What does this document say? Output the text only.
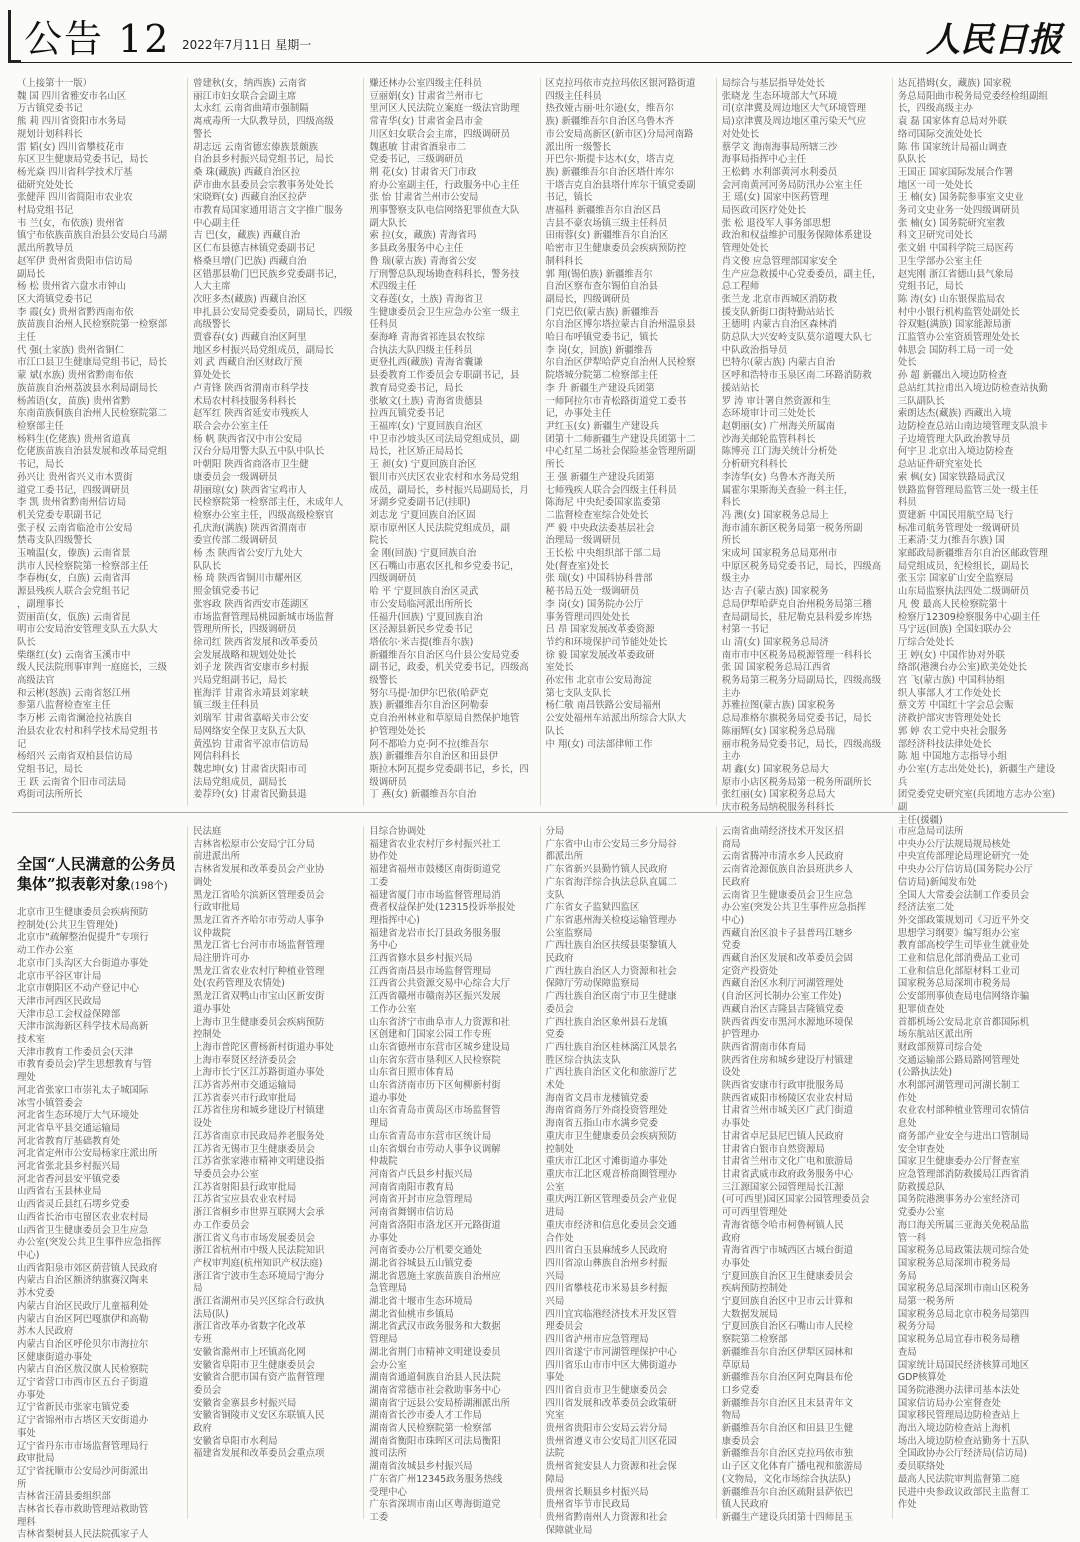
公告 12 2022年7月11日 星期一	人民日报
（上接第十一版）
魏 国 四川省雅安市名山区
万古镇党委书记
熊 莉 四川省资阳市水务局
规划计划科科长
雷 韬(女) 四川省攀枝花市
东区卫生健康局党委书记，局长
杨光焱 四川省科学技术厅基
础研究处处长
张健萍 四川省简阳市农业农
村局党组书记
韦 兰(女，布依族) 贵州省
镇宁布依族苗族自治县公安局白马湖
派出所教导员
赵军伊 贵州省贵阳市信访局
副局长
杨 松 贵州省六盘水市钟山
区大湾镇党委书记
李 霞(女) 贵州省黔西南布依
族苗族自治州人民检察院第一检察部
主任
代 强(土家族) 贵州省铜仁
市江口县卫生健康局党组书记，局长
蒙 斌(水族) 贵州省黔南布依
族苗族自治州荔波县水利局副局长
杨茜语(女，苗族) 贵州省黔
东南苗族侗族自治州人民检察院第二
检察部主任
杨料生(仡佬族) 贵州省道真
仡佬族苗族自治县发展和改革局党组
书记，局长
孙兴让 贵州省兴义市木贾街
道党工委书记，四级调研员
李 凯 贵州省黔南州信访局
机关党委专职副书记
张子权 云南省临沧市公安局
禁毒支队四级警长
玉喃温(女，傣族) 云南省景
洪市人民检察院第一检察部主任
李春梅(女，白族) 云南省洱
源县残疾人联合会党组书记
，副理事长
贺丽苗(女，佤族) 云南省昆
明市公安局治安管理支队五大队大
队长
柴继红(女) 云南省玉溪市中
级人民法院刑事审判一庭庭长，三级
高级法官
和云彬(怒族) 云南省怒江州
参第八监督检查室主任
李万彬 云南省澜沧拉祜族自
治县农业农村和科学技术局党组书
记
杨绍兴 云南省双柏县信访局
党组书记，局长
王 跃 云南省个旧市司法局
鸡街司法所所长
曾建秋(女，纳西族) 云南省
丽江市妇女联合会副主席
太永红 云南省曲靖市强制隔
离戒毒所一大队教导员，四级高级
警长
胡志远 云南省德宏傣族景颇族
自治县乡村振兴局党组书记，局长
桑 珠(藏族) 西藏自治区拉
萨市曲水县委员会宗教事务处处长
宋晓辉(女) 西藏自治区拉萨
市教育局国家通用语言文字推广服务
中心副主任
吉 巴(女，藏族) 西藏自治
区仁布县德吉林镇党委副书记
格桑旦增(门巴族) 西藏自治
区错那县勒门巴民族乡党委副书记，
人大主席
次旺多杰(藏族) 西藏自治区
申扎县公安局党委委员，副局长，四级
高级警长
贾睿春(女) 西藏自治区阿里
地区乡村振兴局党组成员，副局长
刘 武 西藏自治区财政厅预
算处处长
卢青锋 陕西省渭南市科学技
术局农村科技服务科科长
赵军红 陕西省延安市残疾人
联合会办公室主任
杨 帆 陕西省汉中市公安局
汉台分局用警大队五中队中队长
叶朝阳 陕西省商洛市卫生健
康委员会一级调研员
胡丽琼(女) 陕西省宝鸡市人
民检察院第一检察部主任，未成年人
检察办公室主任，四级高级检察官
孔庆海(满族) 陕西省渭南市
委宣传部二级调研员
杨 杰 陕西省公安厅九处大
队队长
杨 琦 陕西省铜川市耀州区
照金镇党委书记
张容政 陕西省西安市莲湖区
市场监督管理局桃园新城市场监督
管理所所长，四级调研员
徐司红 陕西省发展和改革委员
会发展战略和规划处处长
刘子龙 陕西省安康市乡村振
兴局党组副书记，局长
崔海洋 甘肃省永靖县刘家峡
镇三级主任科员
刘瑞军 甘肃省嘉峪关市公安
局网络安全保卫支队五大队
黄泓钧 甘肃省平凉市信访局
网信科科长
魏忠坤(女) 甘肃省庆阳市司
法局党组成员，副局长
姜荐玲(女) 甘肃省民勤县退
赚还林办公室四级主任科员
豆丽娟(女) 甘肃省兰州市七
里河区人民法院立案庭一级法官助理
常青华(女) 甘肃省金昌市金
川区妇女联合会主席，四级调研员
魏惠敏 甘肃省酒泉市二
党委书记，三级调研员
荆 花(女) 甘肃省天门市政
府办公室副主任，行政服务中心主任
张 怡 甘肃省兰州市公安局
刑事警察支队电信网络犯罪侦查大队
副大队长
索 拉(女，藏族) 青海省玛
多县政务服务中心主任
鲁 瑞(蒙古族) 青海省公安
厅刑警总队现场勘查科科长，警务技
术四级主任
文春莲(女，土族) 青海省卫
生健康委员会卫生应急办公室一级主
任科员
秦海峰 青海省祁连县农牧综
合执法大队四级主任科员
更登扎西(藏族) 青海省囊谦
县委教育工作委员会专职副书记，县
教育局党委书记，局长
张敏文(土族) 青海省贵德县
拉西瓦镇党委书记
王福库(女) 宁夏回族自治区
中卫市沙坡头区司法局党组成员，副
局长，社区矫正局局长
王 昶(女) 宁夏回族自治区
银川市兴庆区农业农村和水务局党组
成员，副局长，乡村振兴局副局长，月
牙湖乡党委副书记(挂职)
刘志龙 宁夏回族自治区固
原市原州区人民法院党组成员，副
院长
金 刚(回族) 宁夏回族自治
区石嘴山市惠农区扎和乡党委书记，
四级调研员
哈 平 宁夏回族自治区灵武
市公安局临河派出所所长
任福升(回族) 宁夏回族自治
区泾源县新民乡党委书记
塔依尔·米吉提(维吾尔族)
新疆维吾尔自治区乌什县公安局党委
副书记，政委，机关党委书记，四级高
级警长
努尔马提·加伊尔巴依(哈萨克
族) 新疆维吾尔自治区阿勒泰
克自治州林业和草原局自然保护地管
护管理处处长
阿不都哈力克·阿不拉(维吾尔
族) 新疆维吾尔自治区和田县伊
斯拉木阿瓦提乡党委副书记，乡长，四
级调研员
丁 燕(女) 新疆维吾尔自治
区克拉玛依市克拉玛依区银河路街道
四级主任科员
热孜娅古丽·吐尔逊(女，维吾尔
族) 新疆维吾尔自治区乌鲁木齐
市公安局高新区(新市区)分局河南路
派出所一级警长
开巴尔·斯提卡达木(女，塔吉克
族) 新疆维吾尔自治区塔什库尔
干塔吉克自治县塔什库尔干镇党委副
书记，镇长
唐福科 新疆维吾尔自治区昌
吉县不豪农场镇三级主任科员
田雨蓉(女) 新疆维吾尔自治区
哈密市卫生健康委员会疾病预防控
制科科长
郭 翔(锡伯族) 新疆维吾尔
自治区察布查尔锡伯自治县
副局长，四级调研员
门克巴依(蒙古族) 新疆维吾
尔自治区博尔塔拉蒙古自治州温泉县
哈日布呼镇党委书记，镇长
李 岗(女，回族) 新疆维吾
尔自治区伊犁哈萨克自治州人民检察
院塔城分院第二检察部主任
李 升 新疆生产建设兵团第
一师阿拉尔市青松路街道党工委书
记，办事处主任
尹红玉(女) 新疆生产建设兵
团第十二师新疆生产建设兵团第十二
中心红星二场社会保险基金管理所副
所长
王 强 新疆生产建设兵团第
七师残疾人联合会四级主任科员
陈海尼 中央纪委国家监委第
二监督检查室综合处处长
严 毅 中央政法委基层社会
治理局一级调研员
王长松 中央组织部干部二局
处(督查室)处长
张 瑞(女) 中国科协科普部
秘书局五处一级调研员
李 岗(女) 国务院办公厅
事务管理司四处处长
吕 昂 国家发展改革委资源
节约和环境保护司节能处处长
徐 毅 国家发展改革委政研
室处长
孙宏伟 北京市公安局海淀
第七支队支队长
杨仁敬 南昌铁路公安局福州
公安处福州车站派出所综合大队大
队长
中 翔(女) 司法部律师工作
局综合与基层指导处处长
张晓龙 生态环境部大气环境
司(京津冀及周边地区大气环境管理
局)京津冀及周边地区重污染天气应
对处处长
蔡学文 海南海事局所辖三沙
海事局指挥中心主任
王松鹤 水利部黄河水利委员
会河南黄河河务局防汛办公室主任
王 瑶(女) 国家中医药管理
局医政司医疗处处长
张 松 退役军人事务部思想
政治和权益维护司服务保障体系建设
管理处处长
肖文俊 应急管理部国家安全
生产应急救援中心党委委员，副主任，
总工程师
张兰龙 北京市西城区消防救
援支队新街口街特勤站站长
王德明 内蒙古自治区森林消
防总队大兴安岭支队莫尔道嘎大队七
中队政治指导员
巴特尔(蒙古族) 内蒙古自治
区呼和浩特市玉泉区南二环路消防救
援站站长
罗 涛 审计署自然资源和生
态环境审计司三处处长
赵朝丽(女) 广州海关所属南
沙海关邮轮监管科科长
陈博亮 江门海关统计分析处
分析研究科科长
李涛华(女) 乌鲁木齐海关所
属霍尔果斯海关查验一科主任，
科长
冯 澳(女) 国家税务总局上
海市浦东新区税务局第一税务所副
所长
宋成坷 国家税务总局郑州市
中原区税务局党委书记，局长，四级高
级主办
达·吉子(蒙古族) 国家税务
总局伊犁哈萨克自治州税务局第三稽
查局副局长，驻尼勒克县科爱乡库热
村第一书记
山 清(女) 国家税务总局济
南市市中区税务局税源管理一科科长
张 国 国家税务总局江西省
税务局第三税务分局副局长，四级高级
主办
苏雅拉图(蒙古族) 国家税务
总局准格尔旗税务局党委书记，局长
陈丽辉(女) 国家税务总局瑞
丽市税务局党委书记，局长，四级高级
主办
胡 鑫(女) 国家税务总局大
原市小店区税务局第一税务所副所长
张红丽(女) 国家税务总局大
庆市税务局纳税服务科科长
达瓦措姆(女，藏族) 国家税
务总局阳曲市税务局党委经检组副组
长，四级高级主办
袁 磊 国家体育总局对外联
络司国际交流处处长
陈 伟 国家统计局福山调查
队队长
王国正 国家国际发展合作署
地区一司一处处长
王 楠(女) 国务院参事室文史业
务司文史业务一处四级调研员
张 楠(女) 国务院研究室教
科文卫研究司处长
张文娟 中国科学院三局医药
卫生学部办公室主任
赵宪刚 浙江省德山县气象局
党组书记，局长
陈 涛(女) 山东银保监局农
村中小银行机构监管处副处长
谷双魁(满族) 国家能源局浙
江监管办公室资质管理处处长
韩思会 国防科工局一司一处
处长
孙 超 新疆出入境边防检查
总站红其拉甫出入境边防检查站执勤
三队副队长
索朗达杰(藏族) 西藏出入境
边防检查总站山南边境管理支队浪卡
子边境管理大队政治教导员
何宇卫 北京出入境边防检查
总站证件研究室处长
索 枫(女) 国家铁路局武汉
铁路监督管理局监管三处一级主任
科员
贾建新 中国民用航空局飞行
标准司航务管理处一级调研员
王素清·艾力(维吾尔族) 国
家邮政局新疆维吾尔自治区邮政管理
局党组成员，纪检组长，副局长
张玉宗 国家矿山安全监察局
山东局监察执法四处二级调研员
凡 俊 最高人民检察院第十
检察厅12309检察服务中心副主任
马宁远(回族) 全国妇联办公
厅综合处处长
王 婷(女) 中国作协对外联
络部(港澳台办公室)欧美处处长
宫 飞(蒙古族) 中国科协组
织人事部人才工作处处长
蔡文芳 中国红十字会总会赈
济救护部灾害管理处处长
郭 婷 农工党中央社会服务
部经济科技法律处处长
陈 旭 中国地方志指导小组
办公室(方志出处处长)，新疆生产建设兵
团党委党史研究室(兵团地方志办公室)副
主任(援疆)
全国“人民满意的公务员集体”拟表彰对象(198个)
北京市卫生健康委员会疾病预防
控制处(公共卫生管理处)
北京市“疏解整治促提升”专项行
动工作办公室
北京市门头沟区大台街道办事处
北京市平谷区审计局
北京市朝阳区不动产登记中心
天津市河西区民政局
天津市总工会权益保障部
天津市滨海新区科学技术局高新
技术室
天津市教育工作委员会(天津
市教育委员会)学生思想教育与管
理处
河北省张家口市崇礼太子城国际
冰雪小镇管委会
河北省生态环境厅大气环境处
河北省阜平县交通运输局
河北省教育厅基础教育处
河北省定州市公安局杨家庄派出所
河北省张北县乡村振兴局
河北省香河县安平镇党委
山西省右玉县林业局
山西省灵丘县红石塄乡党委
山西省长治市屯留区农业农村局
山西省卫生健康委员会卫生应急
办公室(突发公共卫生事件应急指挥
中心)
山西省阳泉市郊区荫营镇人民政府
内蒙古自治区额济纳旗赛汉陶来
苏木党委
内蒙古自治区民政厅儿童福利处
内蒙古自治区阿巴嘎旗伊和高勒
苏木人民政府
内蒙古自治区呼伦贝尔市海拉尔
区健康街道办事处
内蒙古自治区敖汉旗人民检察院
辽宁省营口市西市区五台子街道
办事处
辽宁省新民市张家屯镇党委
辽宁省锦州市古塔区天安街道办
事处
辽宁省丹东市市场监督管理局行
政审批局
辽宁省抚顺市公安局沙河街派出
所
吉林省汪清县委组织部
吉林省长春市救助管理站救助管
理科
吉林省梨树县人民法院孤家子人
民法庭
吉林省松原市公安局宁江分局
前进派出所
吉林省发展和改革委员会产业协
调处
黑龙江省哈尔滨新区管理委员会
行政审批局
黑龙江省齐齐哈尔市劳动人事争
议仲裁院
黑龙江省七台河市市场监督管理
局注册许可办
黑龙江省农业农村厅种植业管理
处(农药管理及农情处)
黑龙江省双鸭山市宝山区新安街
道办事处
上海市卫生健康委员会疾病预防
控制处
上海市普陀区曹杨新村街道办事处
上海市奉贤区经济委员会
上海市长宁区江苏路街道办事处
江苏省苏州市交通运输局
江苏省泰兴市行政审批局
江苏省住房和城乡建设厅村镇建
设处
江苏省南京市民政局养老服务处
江苏省无锡市卫生健康委员会
江苏省张家港市精神文明建设指
导委员会办公室
江苏省射阳县行政审批局
江苏省宝应县农业农村局
浙江省桐乡市世界互联网大会承
办工作委员会
浙江省义乌市市场发展委员会
浙江省杭州市中级人民法院知识
产权审判庭(杭州知识产权法庭)
浙江省宁波市生态环境局宁海分
局
浙江省湖州市吴兴区综合行政执
法局(队)
浙江省改革办省数字化改革
专班
安徽省滁州市上坯镇高化网
安徽省阜阳市卫生健康委员会
安徽省合肥市国有资产监督管理
委员会
安徽省金寨县乡村振兴局
安徽省铜陵市义安区东联镇人民
政府
安徽省阜阳市水利局
福建省发展和改革委员会重点项
目综合协调处
福建省农业农村厅乡村振兴社工
协作处
福建省福州市鼓楼区南街街道党
工委
福建省厦门市市场监督管理局消
费者权益保护处(12315投诉举报处
理指挥中心)
福建省龙岩市长汀县政务服务服
务中心
江西省修水县乡村振兴局
江西省南昌县市场监督管理局
江西省公共资源交易中心综合大厅
江西省赣州市赣南苏区振兴发展
工作办公室
山东省济宁市曲阜市人力资源和社
区创建和门国家公园工作专班
山东省德州市东营市区城乡建设局
山东省东营市垦利区人民检察院
山东省日照市体育局
山东省济南市历下区甸柳新村街
道办事处
山东省青岛市黄岛区市场监督管
理局
山东省青岛市东营市区统计局
山东省烟台市劳动人事争议调解
仲裁院
河南省卢氏县乡村振兴局
河南省南阳市教育局
河南省开封市应急管理局
河南省舞钢市信访局
河南省洛阳市洛龙区开元路街道
办事处
河南省委办公厅机要交通处
湖北省谷城县五山镇党委
湖北省恩施土家族苗族自治州应
急管理局
湖北省十堰市生态环境局
湖北省仙桃市乡镇局
湖北省武汉市政务服务和大数据
管理局
湖北省荆门市精神文明建设委员
会办公室
湖南省通道侗族自治县人民法院
湖南省常德市社会救助事务中心
湖南省宁远县公安局桥湖湘派出所
湖南省长沙市委人才工作局
湖南省人民检察院第一检察部
湖南省衡阳市珠晖区司法局衡阳
渡司法所
湖南省汝城县乡村振兴局
广东省广州12345政务服务热线
受理中心
广东省深圳市南山区粤海街道党
工委
分局
广东省中山市公安局三乡分局谷
都派出所
广东省新兴县勤竹镇人民政府
广东省海洋综合执法总队直属二
支队
广东省女子监狱四监区
广东省惠州海关检疫运输管理办
公室监察局
广西壮族自治区扶绥县渠黎镇人
民政府
广西壮族自治区人力资源和社会
保障厅劳动保障监察局
广西壮族自治区南宁市卫生健康
委员会
广西壮族自治区象州县石龙镇
党委
广西壮族自治区桂林漓江风景名
胜区综合执法支队
广西壮族自治区文化和旅游厅艺
术处
海南省文昌市龙楼镇党委
海南省商务厅外商投资管理处
海南省五指山市水满乡党委
重庆市卫生健康委员会疾病预防
控制处
重庆市江北区寸滩街道办事处
重庆市江北区观音桥商圈管理办
公室
重庆两江新区管理委员会产业促
进局
重庆市经济和信息化委员会交通
合作处
四川省白玉县麻绒乡人民政府
四川省凉山彝族自治州乡村振
兴局
四川省攀枝花市米易县乡村振
兴局
四川宜宾临港经济技术开发区管
理委员会
四川省泸州市应急管理局
四川省遂宁市河湖管理保护中心
四川省乐山市市中区大佛街道办
事处
四川省自贡市卫生健康委员会
四川省发展和改革委员会政策研
究室
贵州省贵阳市公安局云岩分局
贵州省遵义市公安局汇川区花园
法院
贵州省瓮安县人力资源和社会保
障局
贵州省长顺县乡村振兴局
贵州省毕节市民政局
贵州省黔南州人力资源和社会
保障就业局
云南省曲靖经济技术开发区招
商局
云南省腾冲市清水乡人民政府
云南省沧源佤族自治县班洪乡人
民政府
云南省卫生健康委员会卫生应急
办公室(突发公共卫生事件应急指挥
中心)
西藏自治区浪卡子县普玛江塘乡
党委
西藏自治区发展和改革委员会固
定资产投资处
西藏自治区水利厅河湖管理处
(自治区河长制办公室工作处)
西藏自治区吉隆县吉隆镇党委
陕西省西安市黑河水源地环境保
护管理办
陕西省渭南市体育局
陕西省住房和城乡建设厅村镇建
设处
陕西省安康市行政审批服务局
陕西省咸阳市杨陵区农业农村局
甘肃省兰州市城关区广武门街道
办事处
甘肃省卓尼县尼巴镇人民政府
甘肃省白银市自然资源局
甘肃省兰州市文化广电和旅游局
甘肃省武威市政府政务服务中心
三江源国家公园管理局长江源
(可可西里)园区国家公园管理委员会
可可西里管理处
青海省德令哈市柯鲁柯镇人民
政府
青海省西宁市城西区古城台街道
办事处
宁夏回族自治区卫生健康委员会
疾病预防控制处
宁夏回族自治区中卫市云计算和
大数据发展局
宁夏回族自治区石嘴山市人民检
察院第二检察部
新疆维吾尔自治区伊犁区园林和
草原局
新疆维吾尔自治区阿克陶县布伦
口乡党委
新疆维吾尔自治区且末县青年文
物局
新疆维吾尔自治区和田县卫生健
康委员会
新疆维吾尔自治区克拉玛依市独
山子区文化体育广播电视和旅游局
(文物局，文化市场综合执法队)
新疆维吾尔自治区疏附县萨依巴
镇人民政府
新疆生产建设兵团第十四师昆玉
市应急局司法所
中央办公厅法规局规局核处
中央宣传部理论局理论研究一处
中央办公厅信访局(国务院办公厅
信访局)新闻发布处
全国人大常委会法制工作委员会
经济法室二处
外交部政策规划司《习近平外交
思想学习纲要》编写组办公室
教育部高校学生司毕业生就业处
工业和信息化部消费品工业司
工业和信息化部原材料工业司
国家税务总局深圳市税务局
公安部刑事侦查局电信网络诈骗
犯罪侦查处
首都机场公安局北京首都国际机
场东航站区派出所
财政部预算司综合处
交通运输部公路局路网管理处
(公路执法处)
水利部河湖管理司河湖长制工
作处
农业农村部种植业管理司农情信
息处
商务部产业安全与进出口管制局
安全审查处
国家卫生健康委办公厅督查室
应急管理部消防救援局江西省消
防救援总队
国务院港澳事务办公室经济司
党委办公室
海口海关所属三亚海关免税品监
管一科
国家税务总局政策法规司综合处
国家税务总局深圳市税务局
务局
国家税务总局深圳市南山区税务
局第一税务所
国家税务总局北京市税务局第四
税务分局
国家税务总局宜春市税务局稽
查局
国家统计局国民经济核算司地区
GDP核算处
国务院港澳办法律司基本法处
国家信访局办公室督查处
国家移民管理局边防检查站上
海出入境边防检查站上海机
场出入境边防检查站勤务十五队
全国政协办公厅经济局(信访局)
委员联络处
最高人民法院审判监督第二庭
民进中央参政议政部民主监督工
作处
